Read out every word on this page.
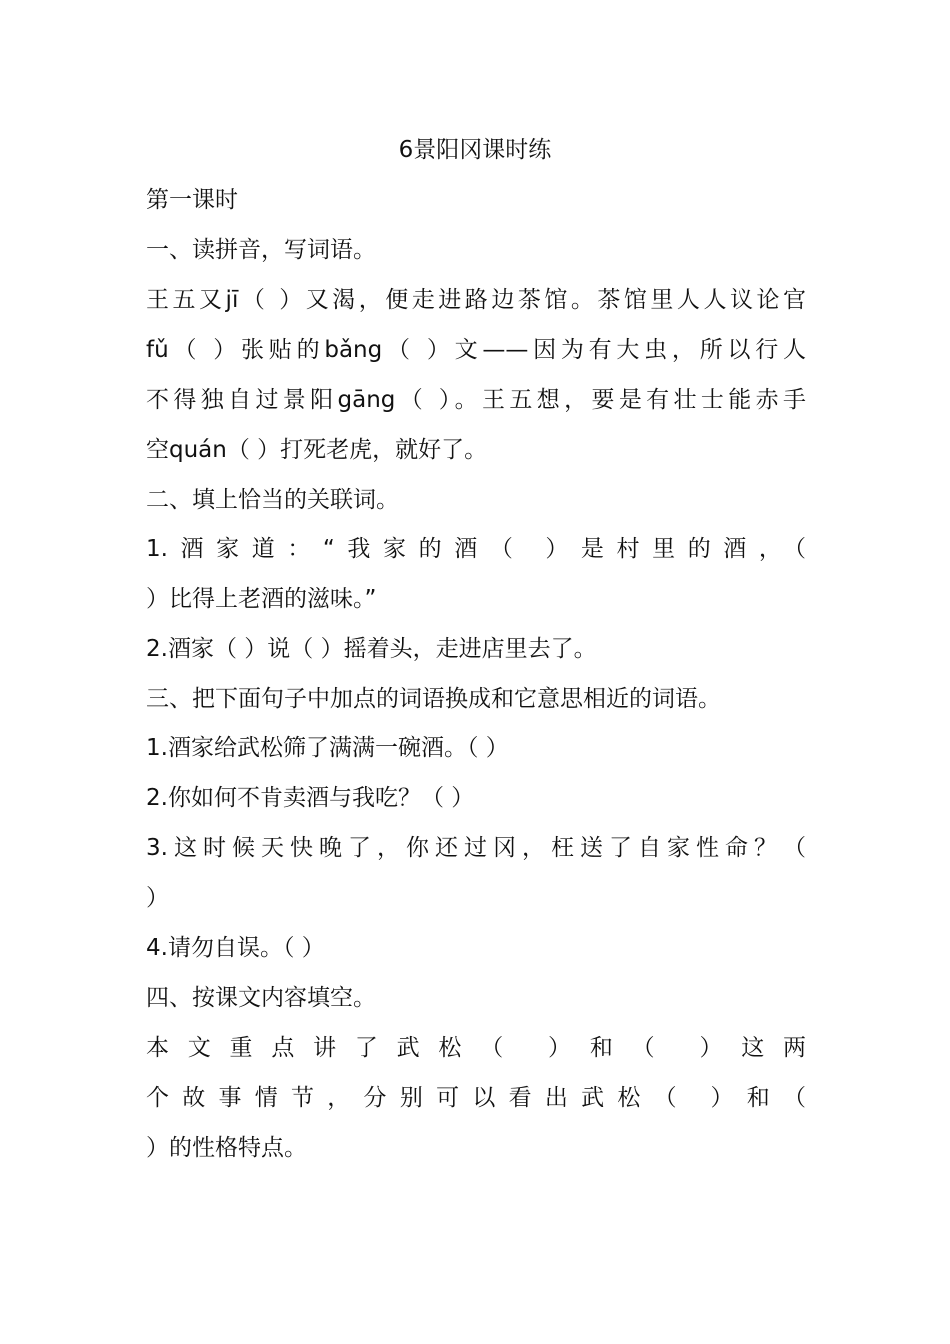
6景阳冈课时练
第一课时
一、读拼音，写词语。
王五又jī（ ）又渴，便走进路边茶馆。茶馆里人人议论官
fǔ（ ）张贴的bǎng（ ）文——因为有大虫，所以行人
不得独自过景阳gāng（ ）。王五想，要是有壮士能赤手
空quán（ ）打死老虎，就好了。
二、填上恰当的关联词。
1.酒家道：“我家的酒（ ）是村里的酒，（
）比得上老酒的滋味。”
2.酒家（ ）说（ ）摇着头，走进店里去了。
三、把下面句子中加点的词语换成和它意思相近的词语。
1.酒家给武松筛了满满一碗酒。（ ）
2.你如何不肯卖酒与我吃？（ ）
3.这时候天快晚了，你还过冈，枉送了自家性命？（
）
4.请勿自误。（ ）
四、按课文内容填空。
本文重点讲了武松（ ）和（ ）这两
个故事情节，分别可以看出武松（ ）和（
）的性格特点。
